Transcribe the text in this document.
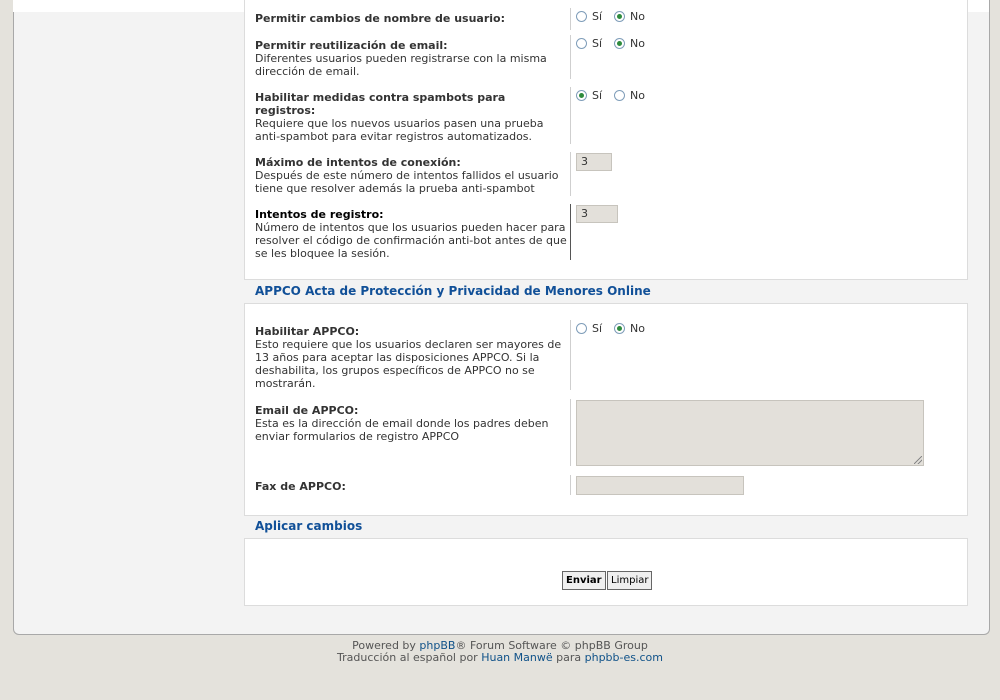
Permitir cambios de nombre de usuario:	Sí	No
Permitir reutilización de email:
Diferentes usuarios pueden registrarse con la misma dirección de email.
Sí	No
Habilitar medidas contra spambots para registros:
Requiere que los nuevos usuarios pasen una prueba anti-spambot para evitar registros automatizados.
Sí	No
Máximo de intentos de conexión:
Después de este número de intentos fallidos el usuario tiene que resolver además la prueba anti-spambot
3
Intentos de registro:
Número de intentos que los usuarios pueden hacer para resolver el código de confirmación anti-bot antes de que se les bloquee la sesión.
3
APPCO Acta de Protección y Privacidad de Menores Online
Habilitar APPCO:
Esto requiere que los usuarios declaren ser mayores de 13 años para aceptar las disposiciones APPCO. Si la deshabilita, los grupos específicos de APPCO no se mostrarán.
Sí	No
Email de APPCO:
Esta es la dirección de email donde los padres deben enviar formularios de registro APPCO
Fax de APPCO:
Aplicar cambios
Enviar Limpiar
Powered by phpBB® Forum Software © phpBB Group
Traducción al español por Huan Manwë para phpbb-es.com
